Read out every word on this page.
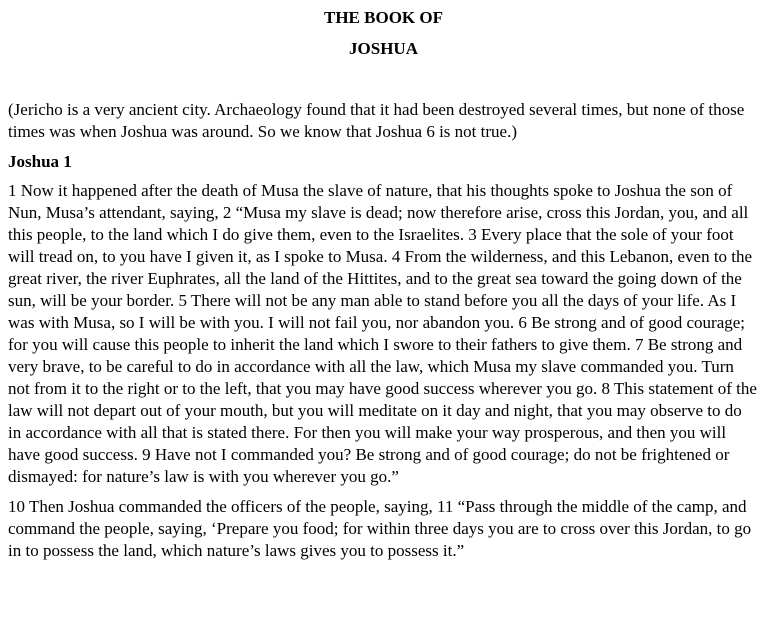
THE BOOK OF
JOSHUA

(Jericho is a very ancient city. Archaeology found that it had been destroyed several times, but none of those times was when Joshua was around. So we know that Joshua 6 is not true.)

Joshua 1

1 Now it happened after the death of Musa the slave of nature, that his thoughts spoke to Joshua the son of Nun, Musa’s attendant, saying, 2 “Musa my slave is dead; now therefore arise, cross this Jordan, you, and all this people, to the land which I do give them, even to the Israelites. 3 Every place that the sole of your foot will tread on, to you have I given it, as I spoke to Musa. 4 From the wilderness, and this Lebanon, even to the great river, the river Euphrates, all the land of the Hittites, and to the great sea toward the going down of the sun, will be your border. 5 There will not be any man able to stand before you all the days of your life. As I was with Musa, so I will be with you. I will not fail you, nor abandon you. 6 Be strong and of good courage; for you will cause this people to inherit the land which I swore to their fathers to give them. 7 Be strong and very brave, to be careful to do in accordance with all the law, which Musa my slave commanded you. Turn not from it to the right or to the left, that you may have good success wherever you go. 8 This statement of the law will not depart out of your mouth, but you will meditate on it day and night, that you may observe to do in accordance with all that is stated there. For then you will make your way prosperous, and then you will have good success. 9 Have not I commanded you? Be strong and of good courage; do not be frightened or dismayed: for nature’s law is with you wherever you go.”

10 Then Joshua commanded the officers of the people, saying, 11 “Pass through the middle of the camp, and command the people, saying, ‘Prepare you food; for within three days you are to cross over this Jordan, to go in to possess the land, which nature’s laws gives you to possess it.”
